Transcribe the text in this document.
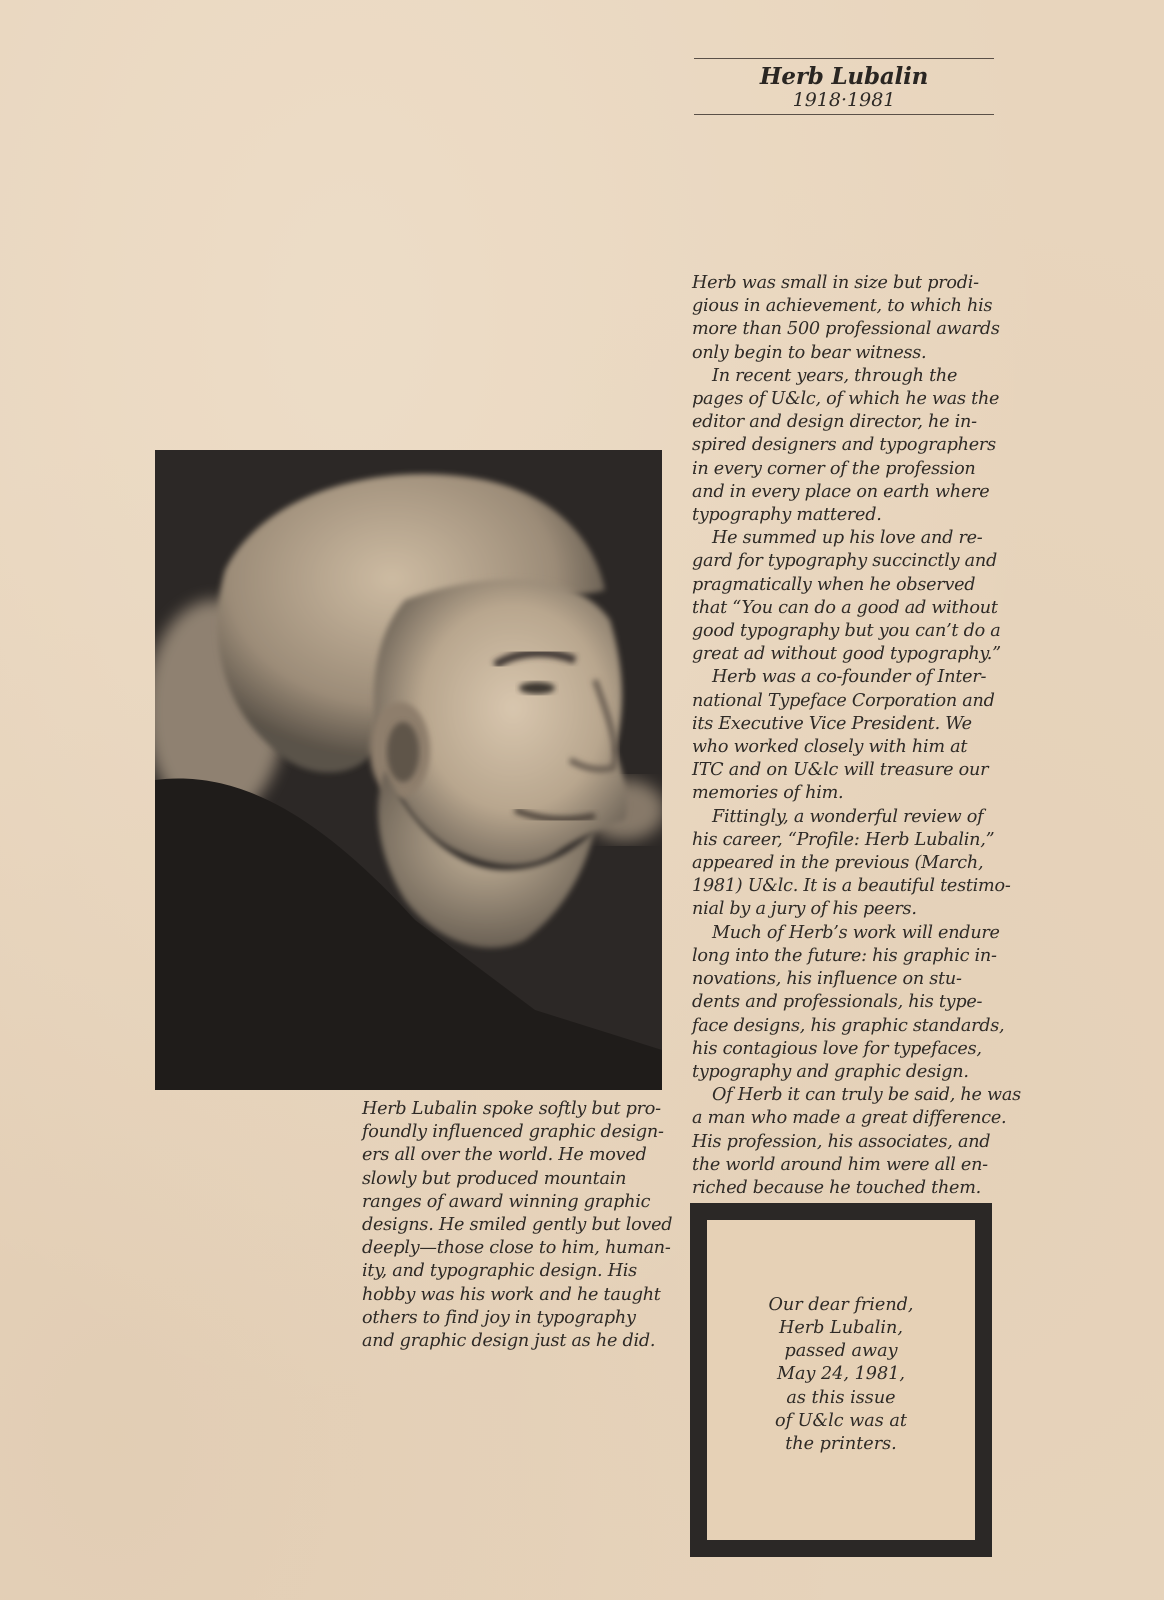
Herb Lubalin
1918·1981
Herb was small in size but prodi-
gious in achievement, to which his
more than 500 professional awards
only begin to bear witness.
In recent years, through the
pages of U&lc, of which he was the
editor and design director, he in-
spired designers and typographers
in every corner of the profession
and in every place on earth where
typography mattered.
He summed up his love and re-
gard for typography succinctly and
pragmatically when he observed
that “You can do a good ad without
good typography but you can’t do a
great ad without good typography.”
Herb was a co-founder of Inter-
national Typeface Corporation and
its Executive Vice President. We
who worked closely with him at
ITC and on U&lc will treasure our
memories of him.
Fittingly, a wonderful review of
his career, “Profile: Herb Lubalin,”
appeared in the previous (March,
1981) U&lc. It is a beautiful testimo-
nial by a jury of his peers.
Much of Herb’s work will endure
long into the future: his graphic in-
novations, his influence on stu-
dents and professionals, his type-
face designs, his graphic standards,
his contagious love for typefaces,
typography and graphic design.
Of Herb it can truly be said, he was
a man who made a great difference.
His profession, his associates, and
the world around him were all en-
riched because he touched them.
Herb Lubalin spoke softly but pro-
foundly influenced graphic design-
ers all over the world. He moved
slowly but produced mountain
ranges of award winning graphic
designs. He smiled gently but loved
deeply—those close to him, human-
ity, and typographic design. His
hobby was his work and he taught
others to find joy in typography
and graphic design just as he did.
Our dear friend,
Herb Lubalin,
passed away
May 24, 1981,
as this issue
of U&lc was at
the printers.
